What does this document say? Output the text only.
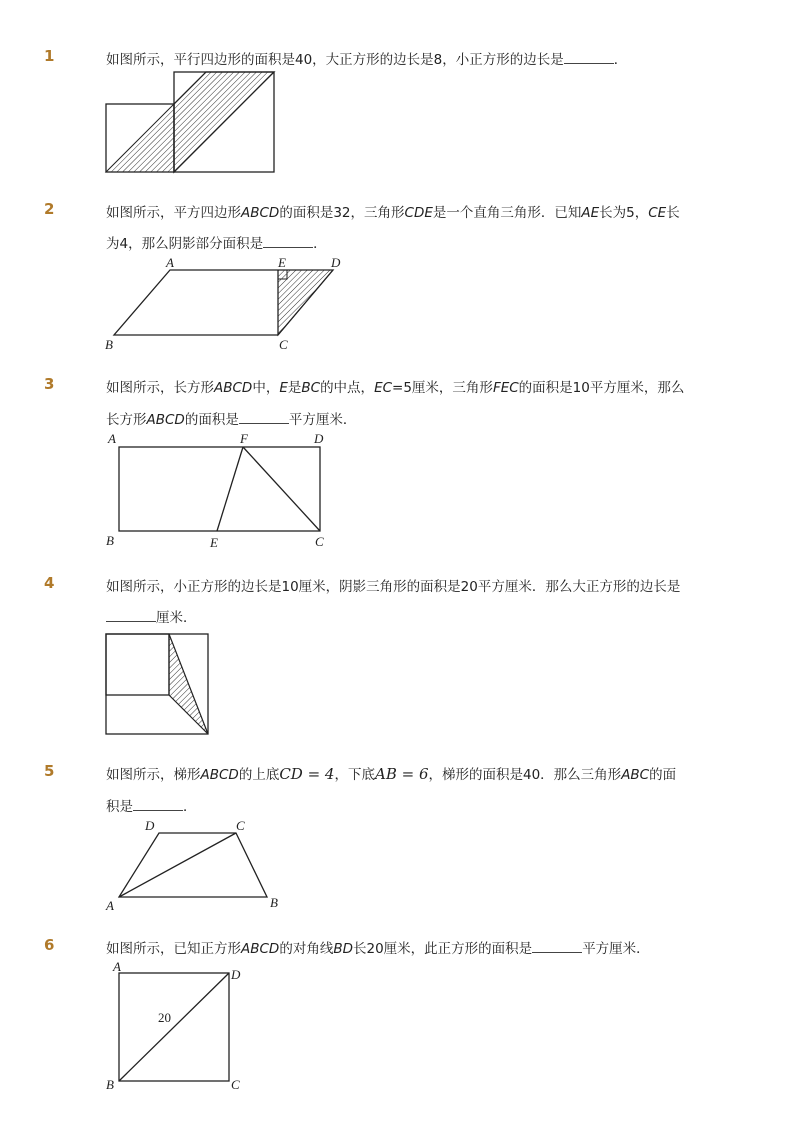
1	如图所示，平行四边形的面积是40，大正方形的边长是8，小正方形的边长是	．
2	如图所示，平方四边形ABCD的面积是32，三角形CDE是一个直角三角形．已知AE长为5，CE长
为4，那么阴影部分面积是	．
A	E	D
B	C
3	如图所示，长方形ABCD中，E是BC的中点，EC=5厘米，三角形FEC的面积是10平方厘米，那么
长方形ABCD的面积是	平方厘米．
A	F	D
B	E	C
4	如图所示，小正方形的边长是10厘米，阴影三角形的面积是20平方厘米．那么大正方形的边长是
厘米．
5	如图所示，梯形ABCD的上底CD = 4，下底AB = 6，梯形的面积是40．那么三角形ABC的面
积是	．
D	C
A	B
6	如图所示，已知正方形ABCD的对角线BD长20厘米，此正方形的面积是	平方厘米．
A
D
B	C
20
